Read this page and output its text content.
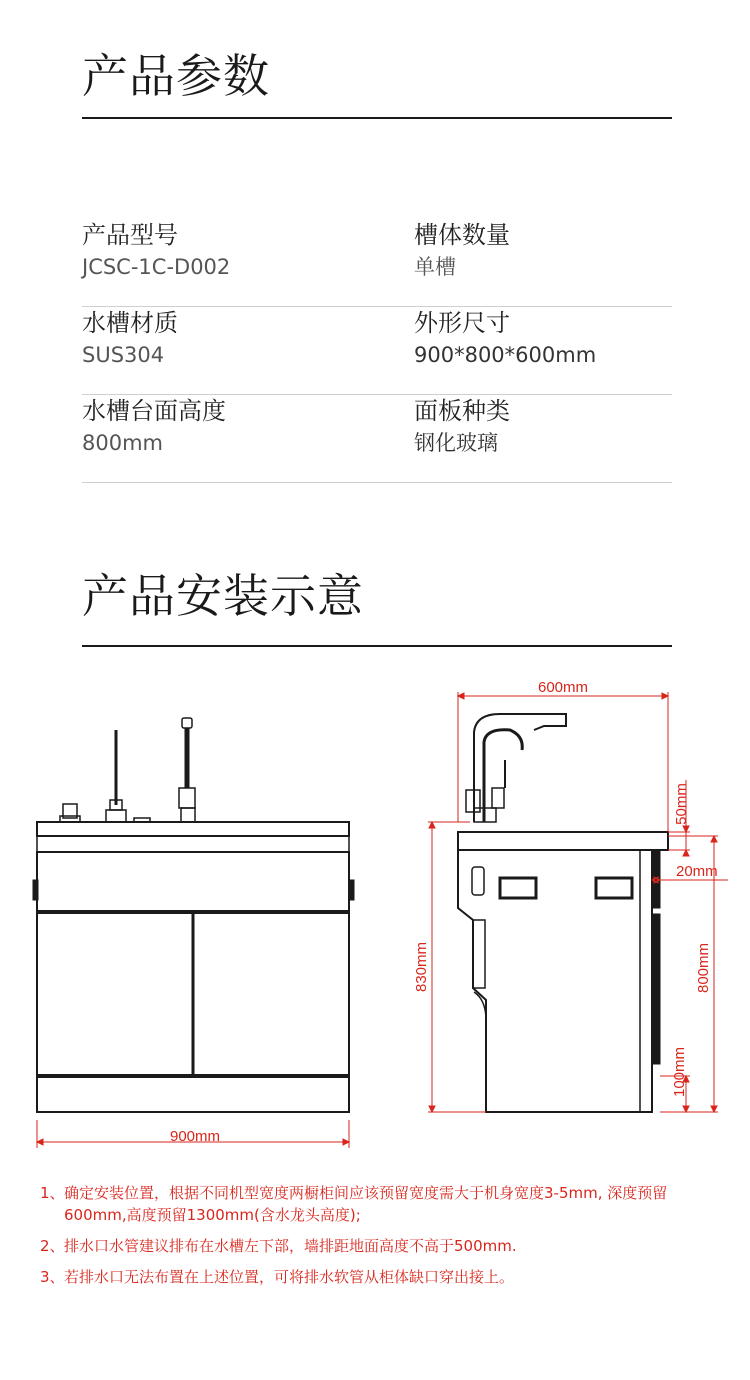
产品参数
产品型号
JCSC-1C-D002
槽体数量
单槽
水槽材质
SUS304
外形尺寸
900*800*600mm
水槽台面高度
800mm
面板种类
钢化玻璃
产品安装示意
900mm
600mm
830mm
50mm
20mm
800mm
100mm
1、 确定安装位置，根据不同机型宽度两橱柜间应该预留宽度需大于机身宽度3-5mm, 深度预留600mm,高度预留1300mm(含水龙头高度);
2、 排水口水管建议排布在水槽左下部，墙排距地面高度不高于500mm.
3、 若排水口无法布置在上述位置，可将排水软管从柜体缺口穿出接上。
